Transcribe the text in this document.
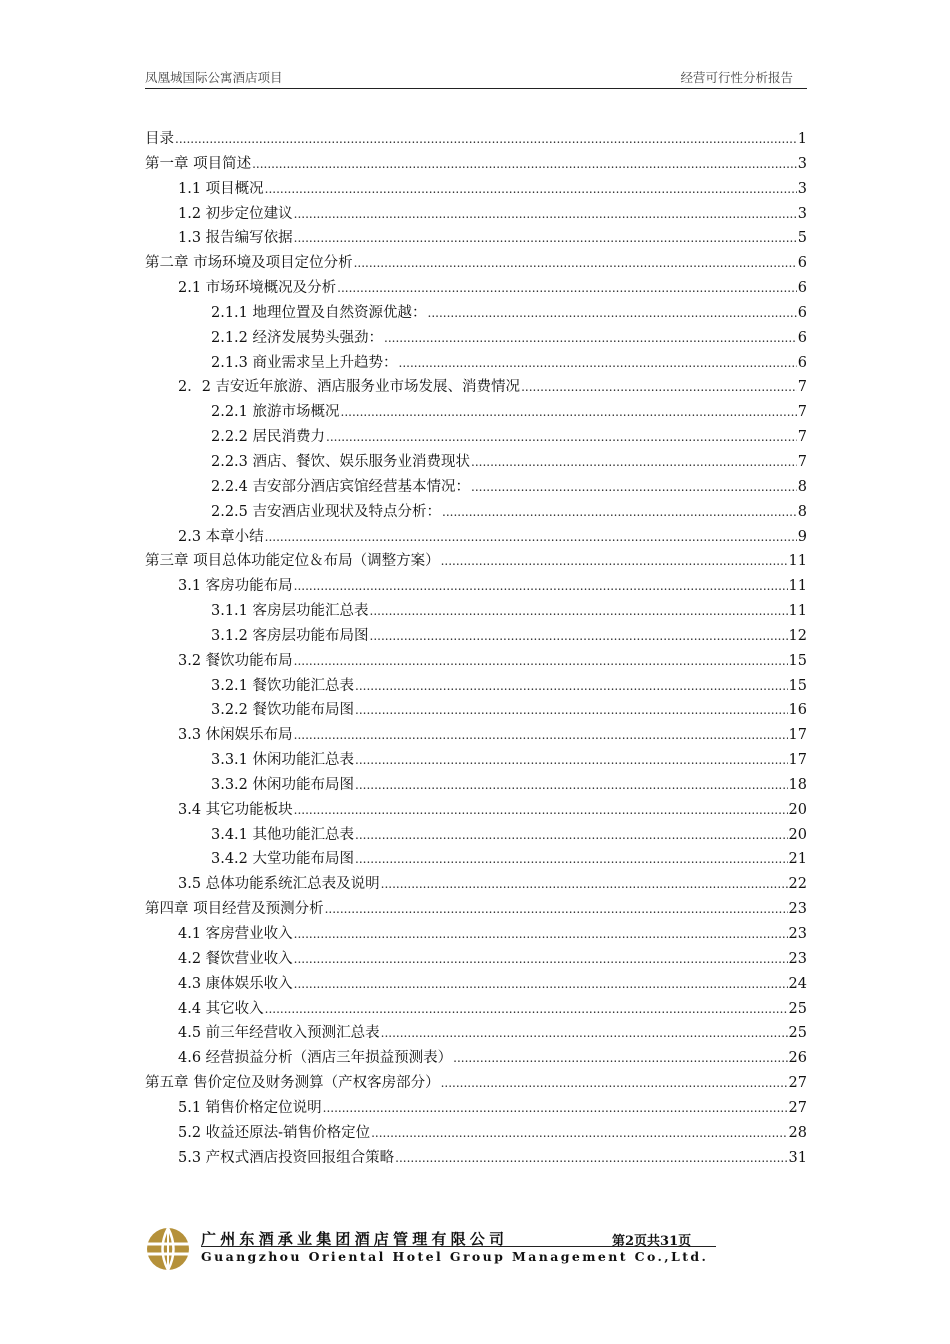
凤凰城国际公寓酒店项目	经营可行性分析报告
目录 .....	1
第一章 项目简述 .....	3
1.1 项目概况 .....	3
1.2 初步定位建议 .....	3
1.3 报告编写依据 .....	5
第二章 市场环境及项目定位分析 .....	6
2.1 市场环境概况及分析 .....	6
2.1.1 地理位置及自然资源优越： .....	6
2.1.2 经济发展势头强劲： .....	6
2.1.3 商业需求呈上升趋势： .....	6
2．2 吉安近年旅游、酒店服务业市场发展、消费情况 .....	7
2.2.1 旅游市场概况 .....	7
2.2.2 居民消费力 .....	7
2.2.3 酒店、餐饮、娱乐服务业消费现状 .....	7
2.2.4 吉安部分酒店宾馆经营基本情况： .....	8
2.2.5 吉安酒店业现状及特点分析： .....	8
2.3 本章小结 .....	9
第三章 项目总体功能定位＆布局（调整方案） .....	11
3.1 客房功能布局 .....	11
3.1.1 客房层功能汇总表 .....	11
3.1.2 客房层功能布局图 .....	12
3.2 餐饮功能布局 .....	15
3.2.1 餐饮功能汇总表 .....	15
3.2.2 餐饮功能布局图 .....	16
3.3 休闲娱乐布局 .....	17
3.3.1 休闲功能汇总表 .....	17
3.3.2 休闲功能布局图 .....	18
3.4 其它功能板块 .....	20
3.4.1 其他功能汇总表 .....	20
3.4.2 大堂功能布局图 .....	21
3.5 总体功能系统汇总表及说明 .....	22
第四章 项目经营及预测分析 .....	23
4.1 客房营业收入 .....	23
4.2 餐饮营业收入 .....	23
4.3 康体娱乐收入 .....	24
4.4 其它收入 .....	25
4.5 前三年经营收入预测汇总表 .....	25
4.6 经营损益分析（酒店三年损益预测表） .....	26
第五章 售价定位及财务测算（产权客房部分） .....	27
5.1 销售价格定位说明 .....	27
5.2 收益还原法-销售价格定位 .....	28
5.3 产权式酒店投资回报组合策略 .....	31
广州东酒承业集团酒店管理有限公司	第2页共31页
Guangzhou Oriental Hotel Group Management Co.,Ltd.
